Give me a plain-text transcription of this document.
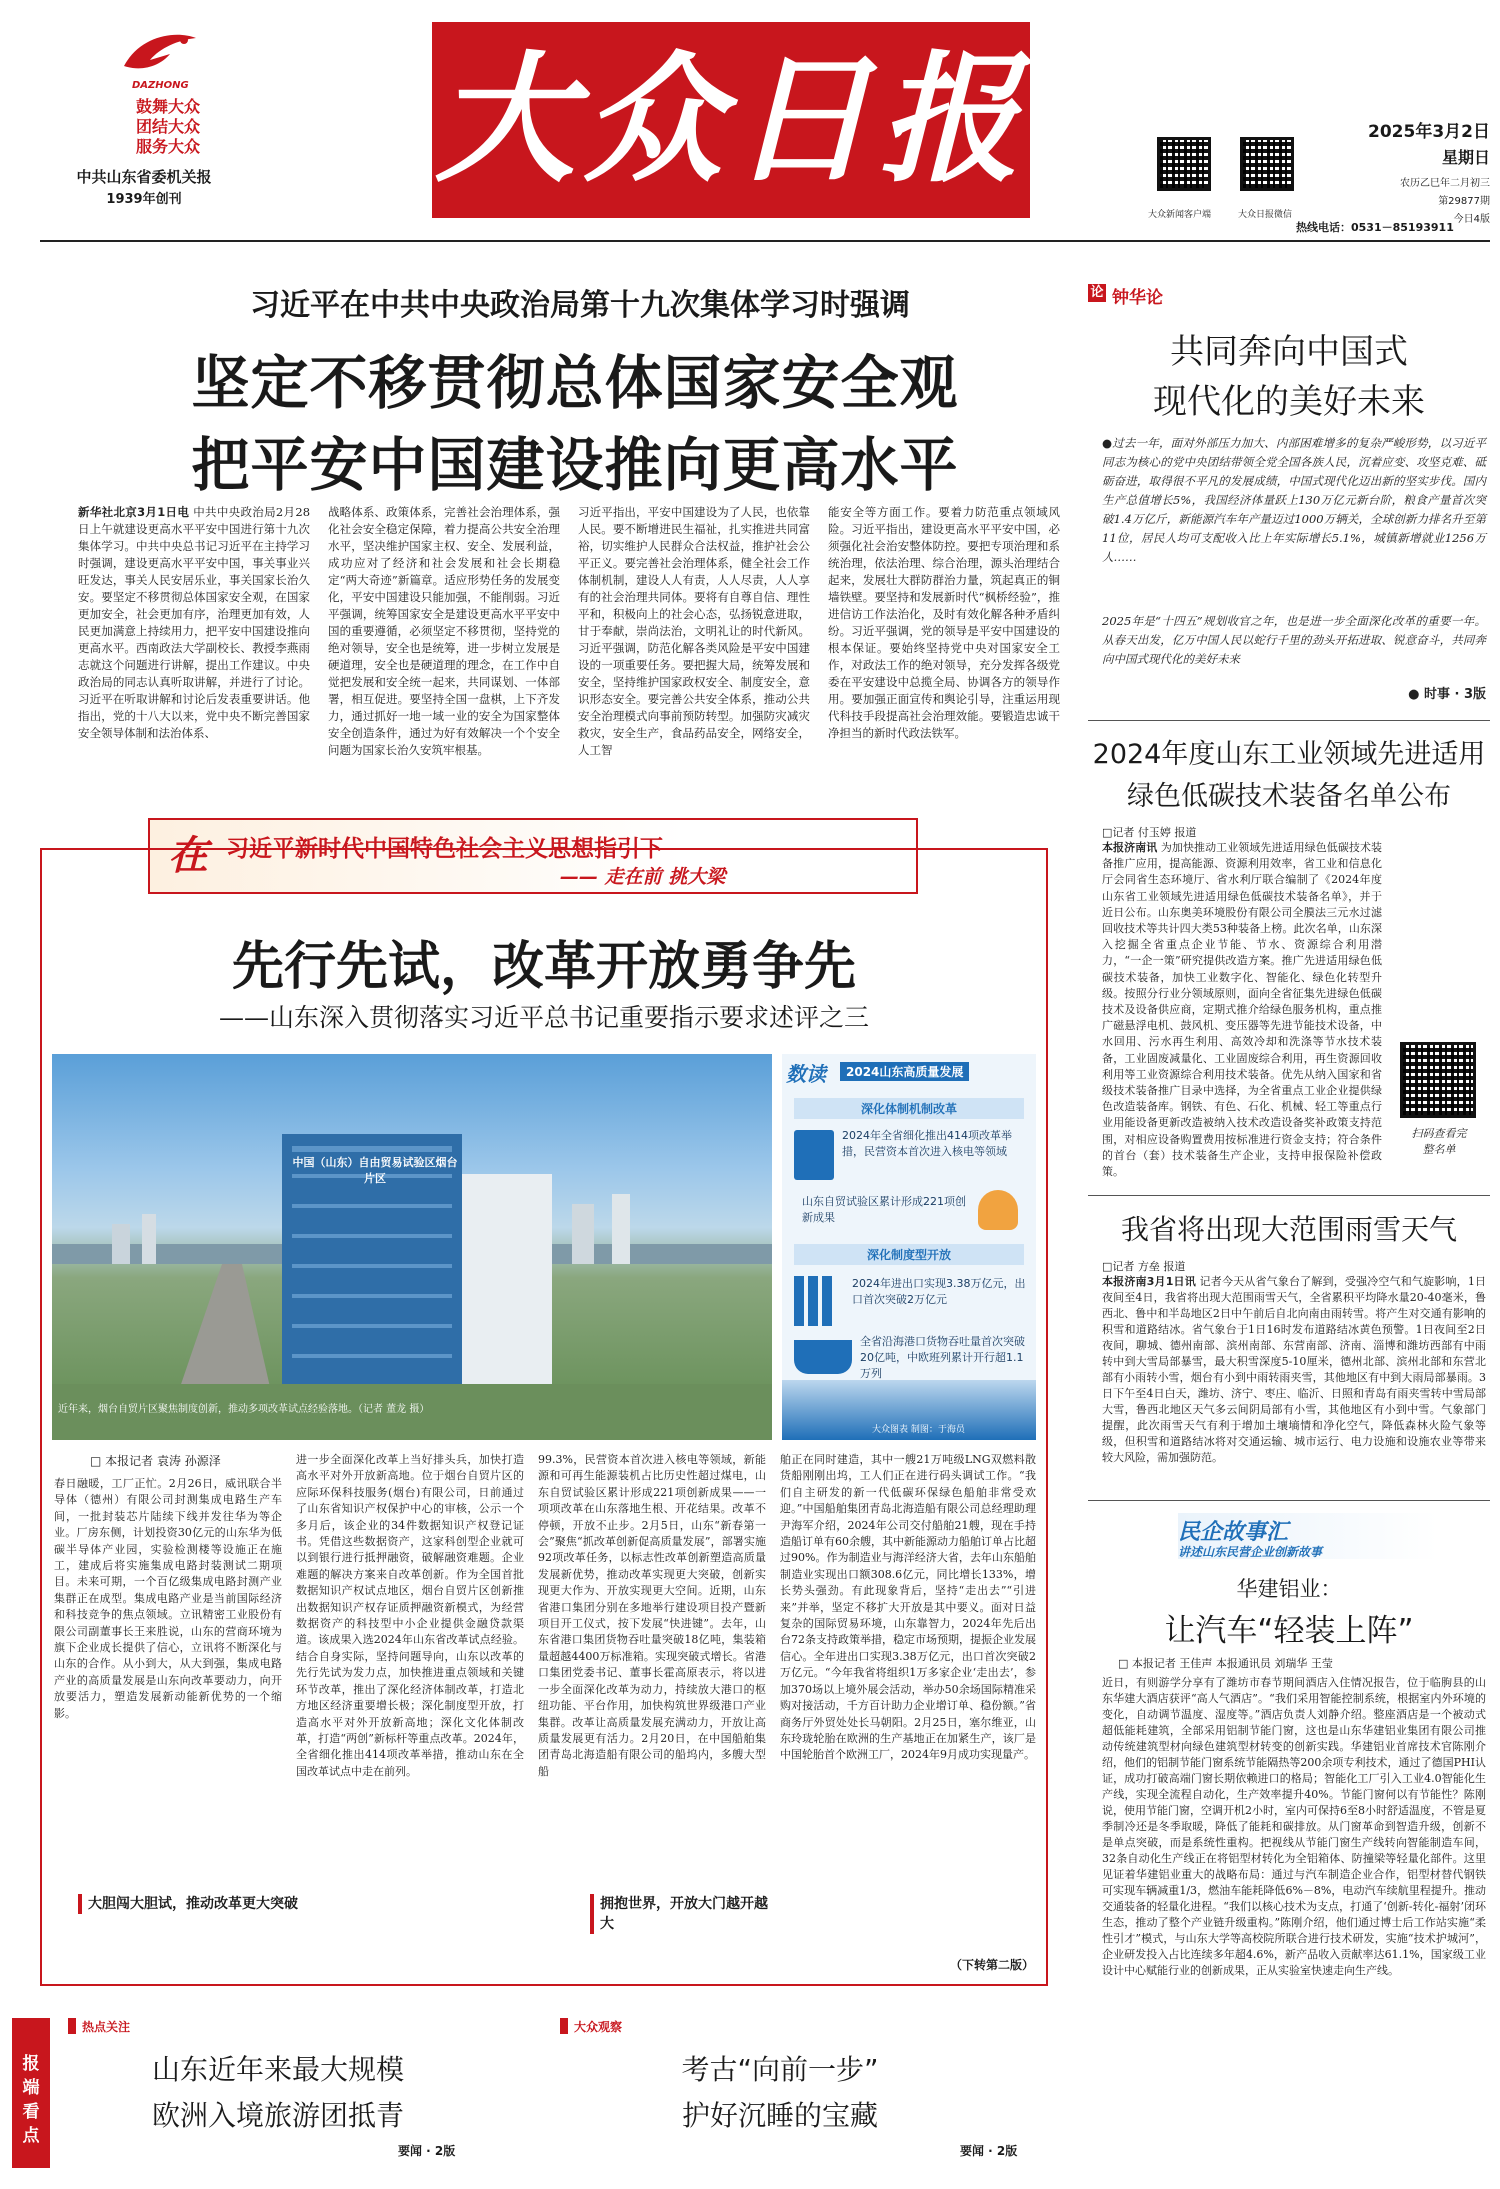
DAZHONG
鼓舞大众
团结大众
服务大众
中共山东省委机关报
1939年创刊	大众日报
大众新闻客户端	大众日报微信
2025年3月2日
星期日
农历乙巳年二月初三
第29877期
今日4版
热线电话：0531－85193911
习近平在中共中央政治局第十九次集体学习时强调
坚定不移贯彻总体国家安全观
把平安中国建设推向更高水平

新华社北京3月1日电 中共中央政治局2月28日上午就建设更高水平平安中国进行第十九次集体学习。中共中央总书记习近平在主持学习时强调，建设更高水平平安中国，事关事业兴旺发达，事关人民安居乐业，事关国家长治久安。要坚定不移贯彻总体国家安全观，在国家更加安全，社会更加有序，治理更加有效，人民更加满意上持续用力，把平安中国建设推向更高水平。西南政法大学副校长、教授李燕雨志就这个问题进行讲解，提出工作建议。中央政治局的同志认真听取讲解，并进行了讨论。习近平在听取讲解和讨论后发表重要讲话。他指出，党的十八大以来，党中央不断完善国家安全领导体制和法治体系、

战略体系、政策体系，完善社会治理体系，强化社会安全稳定保障，着力提高公共安全治理水平，坚决维护国家主权、安全、发展利益，成功应对了经济和社会发展和社会长期稳定“两大奇迹”新篇章。适应形势任务的发展变化，平安中国建设只能加强，不能削弱。习近平强调，统筹国家安全是建设更高水平平安中国的重要遵循，必须坚定不移贯彻，坚持党的绝对领导，安全也是统筹，进一步树立发展是硬道理，安全也是硬道理的理念，在工作中自觉把发展和安全统一起来，共同谋划、一体部署，相互促进。要坚持全国一盘棋，上下齐发力，通过抓好一地一域一业的安全为国家整体安全创造条件，通过为好有效解决一个个安全问题为国家长治久安筑牢根基。

习近平指出，平安中国建设为了人民，也依靠人民。要不断增进民生福祉，扎实推进共同富裕，切实维护人民群众合法权益，推护社会公平正义。要完善社会治理体系，健全社会工作体制机制，建设人人有责，人人尽责，人人享有的社会治理共同体。要将有自尊自信、理性平和，积极向上的社会心态，弘扬锐意进取，甘于奉献，崇尚法治，文明礼让的时代新风。习近平强调，防范化解各类风险是平安中国建设的一项重要任务。要把握大局，统筹发展和安全，坚持维护国家政权安全、制度安全，意识形态安全。要完善公共安全体系，推动公共安全治理模式向事前预防转型。加强防灾减灾救灾，安全生产，食品药品安全，网络安全，人工智

能安全等方面工作。要着力防范重点领域风险。习近平指出，建设更高水平平安中国，必须强化社会治安整体防控。要把专项治理和系统治理，依法治理、综合治理，源头治理结合起来，发展壮大群防群治力量，筑起真正的铜墙铁壁。要坚持和发展新时代“枫桥经验”，推进信访工作法治化，及时有效化解各种矛盾纠纷。习近平强调，党的领导是平安中国建设的根本保证。要始终坚持党中央对国家安全工作，对政法工作的绝对领导，充分发挥各级党委在平安建设中总揽全局、协调各方的领导作用。要加强正面宣传和舆论引导，注重运用现代科技手段提高社会治理效能。要锻造忠诚干净担当的新时代政法铁军。

论 钟华论
共同奔向中国式
现代化的美好未来

●过去一年，面对外部压力加大、内部困难增多的复杂严峻形势，以习近平同志为核心的党中央团结带领全党全国各族人民，沉着应变、攻坚克难、砥砺奋进，取得很不平凡的发展成绩，中国式现代化迈出新的坚实步伐。国内生产总值增长5%，我国经济体量跃上130万亿元新台阶，粮食产量首次突破1.4万亿斤，新能源汽车年产量迈过1000万辆关，全球创新力排名升至第11位，居民人均可支配收入比上年实际增长5.1%，城镇新增就业1256万人……

2025年是“十四五”规划收官之年，也是进一步全面深化改革的重要一年。从春天出发，亿万中国人民以蛇行千里的劲头开拓进取、锐意奋斗，共同奔向中国式现代化的美好未来

● 时事 · 3版
2024年度山东工业领域先进适用
绿色低碳技术装备名单公布
□记者 付玉婷 报道

本报济南讯 为加快推动工业领域先进适用绿色低碳技术装备推广应用，提高能源、资源利用效率，省工业和信息化厅会同省生态环境厅、省水利厅联合编制了《2024年度山东省工业领域先进适用绿色低碳技术装备名单》，并于近日公布。山东奥美环境股份有限公司全膜法三元水过滤回收技术等共计四大类53种装备上榜。此次名单，山东深入挖掘全省重点企业节能、节水、资源综合利用潜力，“一企一策”研究提供改造方案。推广先进适用绿色低碳技术装备，加快工业数字化、智能化、绿色化转型升级。按照分行业分领域原则，面向全省征集先进绿色低碳技术及设备供应商，定期式推介给绿色服务机构，重点推广磁悬浮电机、鼓风机、变压器等先进节能技术设备，中水回用、污水再生利用、高效冷却和洗涤等节水技术装备，工业固废减量化、工业固废综合利用，再生资源回收利用等工业资源综合利用技术装备。优先从纳入国家和省级技术装备推广目录中选择，为全省重点工业企业提供绿色改造装备库。钢铁、有色、石化、机械、轻工等重点行业用能设备更新改造被纳入技术改造设备奖补政策支持范围，对相应设备购置费用按标准进行资金支持；符合条件的首台（套）技术装备生产企业，支持申报保险补偿政策。

扫码查看完整名单
我省将出现大范围雨雪天气
□记者 方垒 报道

本报济南3月1日讯 记者今天从省气象台了解到，受强冷空气和气旋影响，1日夜间至4日，我省将出现大范围雨雪天气，全省累积平均降水量20-40毫米，鲁西北、鲁中和半岛地区2日中午前后自北向南由雨转雪。将产生对交通有影响的积雪和道路结冰。省气象台于1日16时发布道路结冰黄色预警。1日夜间至2日夜间，聊城、德州南部、滨州南部、东营南部、济南、淄博和潍坊西部有中雨转中到大雪局部暴雪，最大积雪深度5-10厘米，德州北部、滨州北部和东营北部有小雨转小雪，烟台有小到中雨转雨夹雪，其他地区有中到大雨局部暴雨。3日下午至4日白天，潍坊、济宁、枣庄、临沂、日照和青岛有雨夹雪转中雪局部大雪，鲁西北地区天气多云间阴局部有小雪，其他地区有小到中雪。气象部门提醒，此次雨雪天气有利于增加土壤墒情和净化空气，降低森林火险气象等级，但积雪和道路结冰将对交通运输、城市运行、电力设施和设施农业等带来较大风险，需加强防范。

民企故事汇
讲述山东民营企业创新故事
华建铝业：
让汽车“轻装上阵”
□ 本报记者 王佳声 本报通讯员 刘瑞华 王莹

近日，有则游学分享有了潍坊市春节期间酒店入住情况报告，位于临朐县的山东华建大酒店获评“高人气酒店”。“我们采用智能控制系统，根据室内外环境的变化，自动调节温度、湿度等。”酒店负责人刘静介绍。整座酒店是一个被动式超低能耗建筑，全部采用铝制节能门窗，这也是山东华建铝业集团有限公司推动传统建筑型材向绿色建筑型材转变的创新实践。华建铝业首席技术官陈刚介绍，他们的铝制节能门窗系统节能隔热等200余项专利技术，通过了德国PHI认证，成功打破高端门窗长期依赖进口的格局；智能化工厂引入工业4.0智能化生产线，实现全流程自动化，生产效率提升40%。节能门窗何以有节能性？陈刚说，使用节能门窗，空调开机2小时，室内可保持6至8小时舒适温度，不管是夏季制冷还是冬季取暖，降低了能耗和碳排放。从门窗革命到智造升级，创新不是单点突破，而是系统性重构。把视线从节能门窗生产线转向智能制造车间，32条自动化生产线正在将铝型材转化为全铝箱体、防撞梁等轻量化部件。这里见证着华建铝业重大的战略布局：通过与汽车制造企业合作，铝型材替代钢铁可实现车辆减重1/3，燃油车能耗降低6%－8%，电动汽车续航里程提升。推动交通装备的轻量化进程。“我们以核心技术为支点，打通了‘创新-转化-福射’闭环生态，推动了整个产业链升级重构。”陈刚介绍，他们通过博士后工作站实施“柔性引才”模式，与山东大学等高校院所联合进行技术研发，实施“技术护城河”，企业研发投入占比连续多年超4.6%，新产品收入贡献率达61.1%，国家级工业设计中心赋能行业的创新成果，正从实验室快速走向生产线。

在 习近平新时代中国特色社会主义思想指引下
—— 走在前 挑大梁
先行先试，改革开放勇争先
——山东深入贯彻落实习近平总书记重要指示要求述评之三
中国（山东）自由贸易试验区烟台片区
近年来，烟台自贸片区聚焦制度创新，推动多项改革试点经验落地。（记者 董龙 摄）
数读	2024山东高质量发展
深化体制机制改革
2024年全省细化推出414项改革举措，民营资本首次进入核电等领域
山东自贸试验区累计形成221项创新成果
深化制度型开放
2024年进出口实现3.38万亿元，出口首次突破2万亿元
全省沿海港口货物吞吐量首次突破20亿吨，中欧班列累计开行超1.1万列
大众图表 制图：于海员
□ 本报记者 袁涛 孙源泽

春日融暖，工厂正忙。2月26日，威讯联合半导体（德州）有限公司封测集成电路生产车间，一批封装芯片陆续下线并发往华为等企业。厂房东侧，计划投资30亿元的山东华为低碳半导体产业园，实验检测楼等设施正在施工，建成后将实施集成电路封装测试二期项目。未来可期，一个百亿级集成电路封测产业集群正在成型。集成电路产业是当前国际经济和科技竞争的焦点领域。立讯精密工业股份有限公司副董事长王来胜说，山东的营商环境为旗下企业成长提供了信心，立讯将不断深化与山东的合作。从小到大，从大到强，集成电路产业的高质量发展是山东向改革要动力，向开放要活力，塑造发展新动能新优势的一个缩影。

大胆闯大胆试，推动改革更大突破

进一步全面深化改革上当好排头兵，加快打造高水平对外开放新高地。位于烟台自贸片区的应际环保科技服务(烟台)有限公司，日前通过了山东省知识产权保护中心的审核，公示一个多月后，该企业的34件数据知识产权登记证书。凭借这些数据资产，这家科创型企业就可以到银行进行抵押融资，破解融资难题。企业难题的解决方案来自改革创新。作为全国首批数据知识产权试点地区，烟台自贸片区创新推出数据知识产权存证质押融资新模式，为经营数据资产的科技型中小企业提供金融贷款渠道。该成果入选2024年山东省改革试点经验。结合自身实际，坚持问题导向，山东以改革的先行先试为发力点，加快推进重点领域和关键环节改革，推出了深化经济体制改革，打造北方地区经济重要增长极；深化制度型开放，打造高水平对外开放新高地；深化文化体制改革，打造“两创”新标杆等重点改革。2024年，全省细化推出414项改革举措，推动山东在全国改革试点中走在前列。

99.3%，民营资本首次进入核电等领域，新能源和可再生能源装机占比历史性超过煤电，山东自贸试验区累计形成221项创新成果——一项项改革在山东落地生根、开花结果。改革不停顿，开放不止步。2月5日，山东“新春第一会”聚焦“抓改革创新促高质量发展”，部署实施92项改革任务，以标志性改革创新塑造高质量发展新优势，推动改革实现更大突破，创新实现更大作为、开放实现更大空间。近期，山东省港口集团分别在多地举行建设项目投产暨新项目开工仪式，按下发展“快进键”。去年，山东省港口集团货物吞吐量突破18亿吨，集装箱量超越4400万标准箱。实现突破式增长。省港口集团党委书记、董事长霍高原表示，将以进一步全面深化改革为动力，持续放大港口的枢纽功能、平台作用，加快构筑世界级港口产业集群。改革让高质量发展充满动力，开放让高质量发展更有活力。2月20日，在中国船舶集团青岛北海造船有限公司的船坞内，多艘大型船

拥抱世界，开放大门越开越大

舶正在同时建造，其中一艘21万吨级LNG双燃料散货船刚刚出坞，工人们正在进行码头调试工作。“我们自主研发的新一代低碳环保绿色船舶非常受欢迎。”中国船舶集团青岛北海造船有限公司总经理助理尹海军介绍，2024年公司交付船舶21艘，现在手持造船订单有60余艘，其中新能源动力船舶订单占比超过90%。作为制造业与海洋经济大省，去年山东船舶制造业实现出口额308.6亿元，同比增长133%，增长势头强劲。有此现象背后，坚持“走出去”“引进来”并举，坚定不移扩大开放是其中要义。面对日益复杂的国际贸易环境，山东靠智力，2024年先后出台72条支持政策举措，稳定市场预期，提振企业发展信心。全年进出口实现3.38万亿元，出口首次突破2万亿元。“今年我省将组织1万多家企业‘走出去’，参加370场以上境外展会活动，举办50余场国际精准采购对接活动，千方百计助力企业增订单、稳份额。”省商务厅外贸处处长马朝阳。2月25日，塞尔维亚，山东玲珑轮胎在欧洲的生产基地正在加紧生产，该厂是中国轮胎首个欧洲工厂，2024年9月成功实现量产。

（下转第二版）
报端看点
热点关注
山东近年来最大规模
欧洲入境旅游团抵青
要闻 · 2版
大众观察
考古“向前一步”
护好沉睡的宝藏
要闻 · 2版
